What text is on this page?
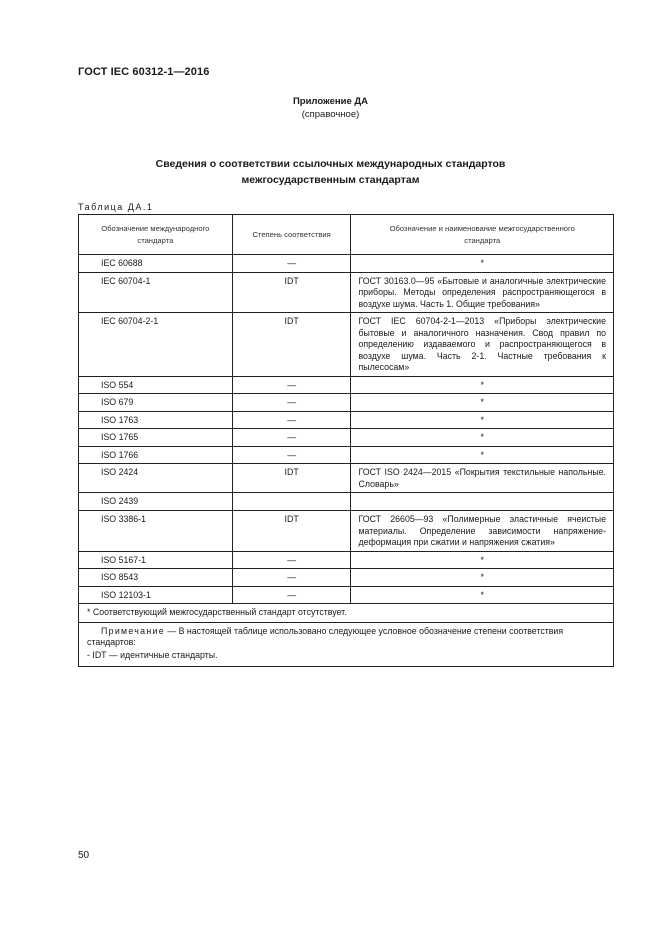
ГОСТ IEC 60312-1—2016
Приложение ДА
(справочное)
Сведения о соответствии ссылочных международных стандартов
межгосударственным стандартам
Таблица ДА.1
Обозначение международного стандарта	Степень соответствия	Обозначение и наименование межгосударственного стандарта
IEC 60688	—	*
IEC 60704-1	IDT	ГОСТ 30163.0—95 «Бытовые и аналогичные электрические приборы. Методы определения распространяющегося в воздухе шума. Часть 1. Общие требования»
IEC 60704-2-1	IDT	ГОСТ IEC 60704-2-1—2013 «Приборы электрические бытовые и аналогичного назначения. Свод правил по определению издаваемого и распространяющегося в воздухе шума. Часть 2-1. Частные требования к пылесосам»
ISO 554	—	*
ISO 679	—	*
ISO 1763	—	*
ISO 1765	—	*
ISO 1766	—	*
ISO 2424	IDT	ГОСТ ISO 2424—2015 «Покрытия текстильные напольные. Словарь»
ISO 2439		
ISO 3386-1	IDT	ГОСТ 26605—93 «Полимерные эластичные ячеистые материалы. Определение зависимости напряжение-деформация при сжатии и напряжения сжатия»
ISO 5167-1	—	*
ISO 8543	—	*
ISO 12103-1	—	*
* Соответствующий межгосударственный стандарт отсутствует.		

Примечание — В настоящей таблице использовано следующее условное обозначение степени соответствия стандартов:
- IDT — идентичные стандарты.		
50
